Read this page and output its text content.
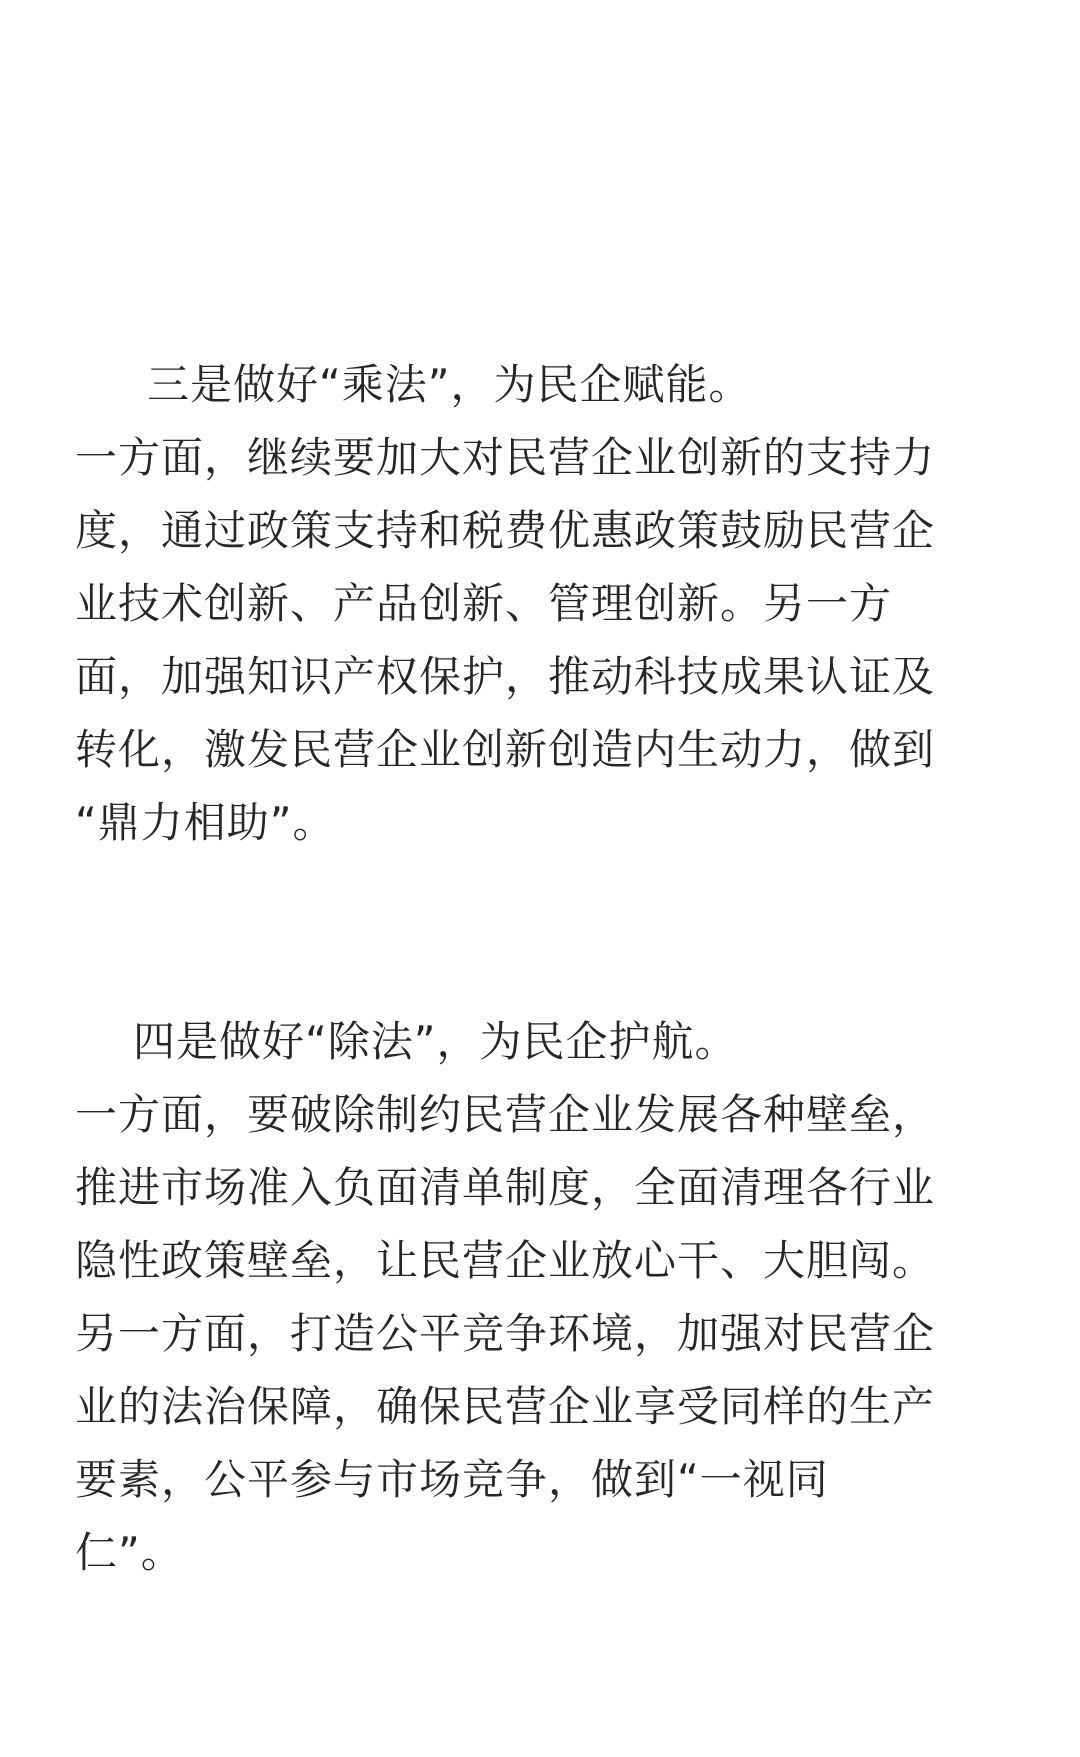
三是做好“乘法”，为民企赋能。
一方面，继续要加大对民营企业创新的支持力
度，通过政策支持和税费优惠政策鼓励民营企
业技术创新、产品创新、管理创新。另一方
面，加强知识产权保护，推动科技成果认证及
转化，激发民营企业创新创造内生动力，做到
“鼎力相助”。
四是做好“除法”，为民企护航。
一方面，要破除制约民营企业发展各种壁垒，
推进市场准入负面清单制度，全面清理各行业
隐性政策壁垒，让民营企业放心干、大胆闯。
另一方面，打造公平竞争环境，加强对民营企
业的法治保障，确保民营企业享受同样的生产
要素，公平参与市场竞争，做到“一视同
仁”。
